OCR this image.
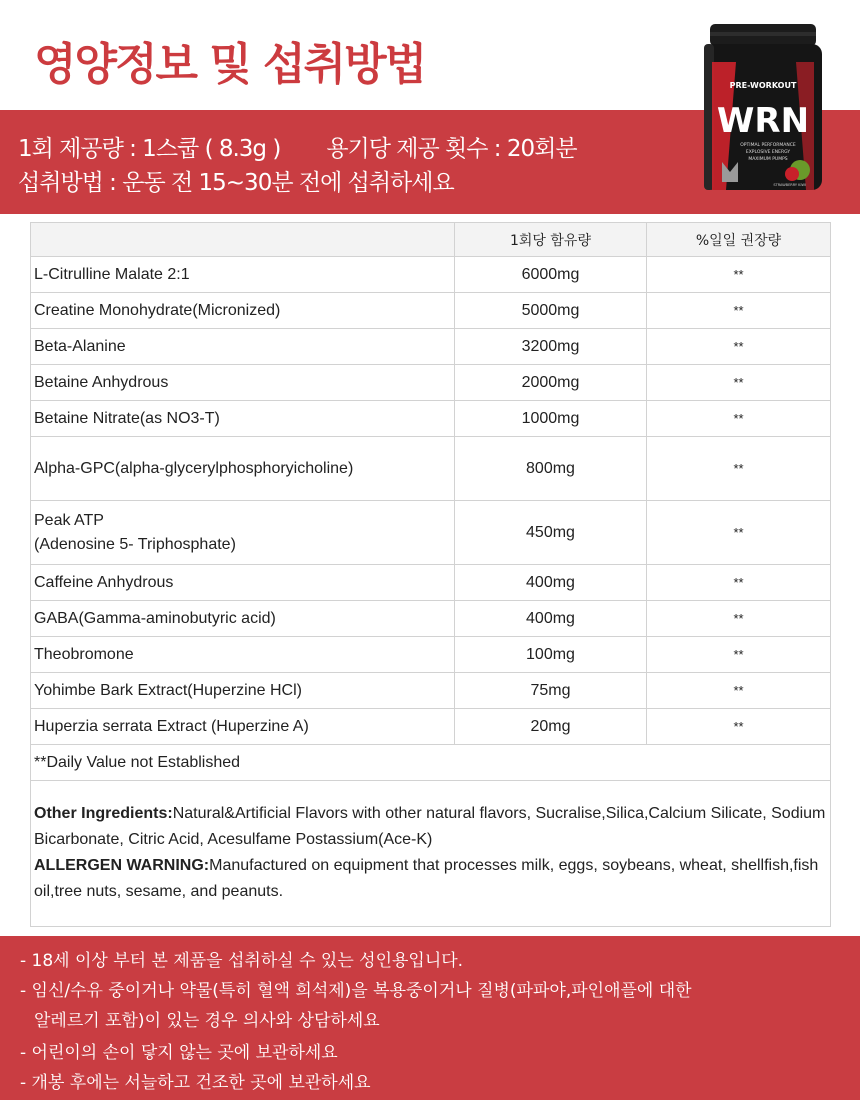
영양정보 및 섭취방법
1회 제공량 : 1스쿱 ( 8.3g ) 용기당 제공 횟수 : 20회분
섭취방법 : 운동 전 15~30분 전에 섭취하세요
PRE-WORKOUT
WRN
OPTIMAL PERFORMANCE
EXPLOSIVE ENERGY
MAXIMUM PUMPS
STRAWBERRY KIWI
	1회당 함유량	%일일 권장량
L-Citrulline Malate 2:1	6000mg	**
Creatine Monohydrate(Micronized)	5000mg	**
Beta-Alanine	3200mg	**
Betaine Anhydrous	2000mg	**
Betaine Nitrate(as NO3-T)	1000mg	**
Alpha-GPC(alpha-glycerylphosphoryicholine)	800mg	**

Peak ATP
(Adenosine 5- Triphosphate)	450mg	**
Caffeine Anhydrous	400mg	**
GABA(Gamma-aminobutyric acid)	400mg	**
Theobromone	100mg	**
Yohimbe Bark Extract(Huperzine HCl)	75mg	**
Huperzia serrata Extract (Huperzine A)	20mg	**
**Daily Value not Established		
Other Ingredients:Natural&Artificial Flavors with other natural flavors, Sucralise,Silica,Calcium Silicate, Sodium Bicarbonate, Citric Acid, Acesulfame Postassium(Ace-K)
ALLERGEN WARNING:Manufactured on equipment that processes milk, eggs, soybeans, wheat, shellfish,fish oil,tree nuts, sesame, and peanuts.		
- 18세 이상 부터 본 제품을 섭취하실 수 있는 성인용입니다.
- 임신/수유 중이거나 약물(특히 혈액 희석제)을 복용중이거나 질병(파파야,파인애플에 대한
알레르기 포함)이 있는 경우 의사와 상담하세요
- 어린이의 손이 닿지 않는 곳에 보관하세요
- 개봉 후에는 서늘하고 건조한 곳에 보관하세요
